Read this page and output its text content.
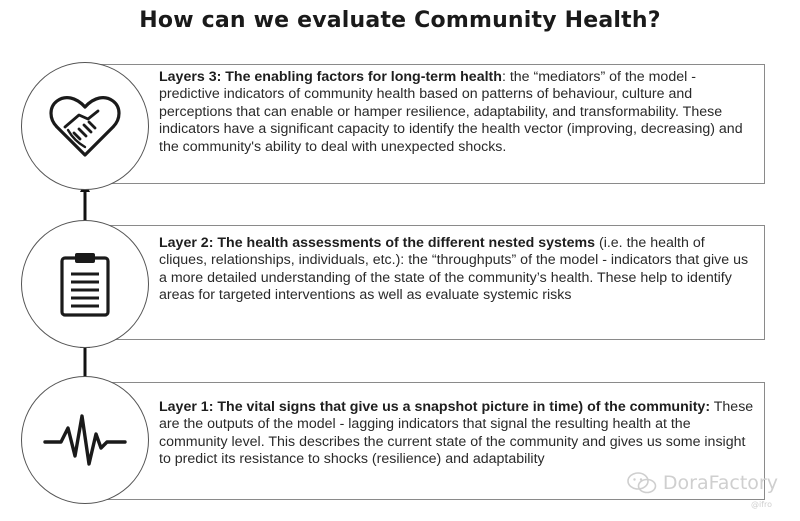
How can we evaluate Community Health?
Layers 3: The enabling factors for long-term health: the “mediators” of the model - predictive indicators of community health based on patterns of behaviour, culture and perceptions that can enable or hamper resilience, adaptability, and transformability. These indicators have a significant capacity to identify the health vector (improving, decreasing) and the community's ability to deal with unexpected shocks.
Layer 2: The health assessments of the different nested systems (i.e. the health of cliques, relationships, individuals, etc.): the “throughputs” of the model - indicators that give us a more detailed understanding of the state of the community’s health. These help to identify areas for targeted interventions as well as evaluate systemic risks
Layer 1: The vital signs that give us a snapshot picture in time) of the community: These are the outputs of the model - lagging indicators that signal the resulting health at the community level. This describes the current state of the community and gives us some insight to predict its resistance to shocks (resilience) and adaptability
DoraFactory
@ifro
